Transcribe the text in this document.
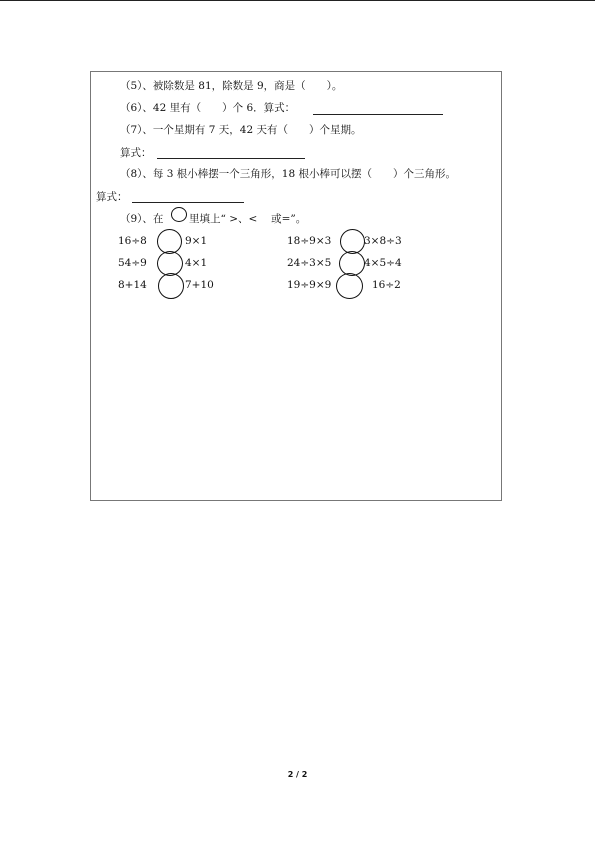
（5）、被除数是 81，除数是 9，商是（　　）。
（6）、42 里有（　　）个 6．算式：
（7）、一个星期有 7 天，42 天有（　　）个星期。
算式：
（8）、每 3 根小棒摆一个三角形，18 根小棒可以摆（　　）个三角形。
算式：
（9）、在 里填上“ >、<　 或=”。
16÷8	9×1	18÷9×3	3×8÷3
54÷9	4×1	24÷3×5	4×5÷4
8+14	7+10	19÷9×9	16÷2
2 / 2
